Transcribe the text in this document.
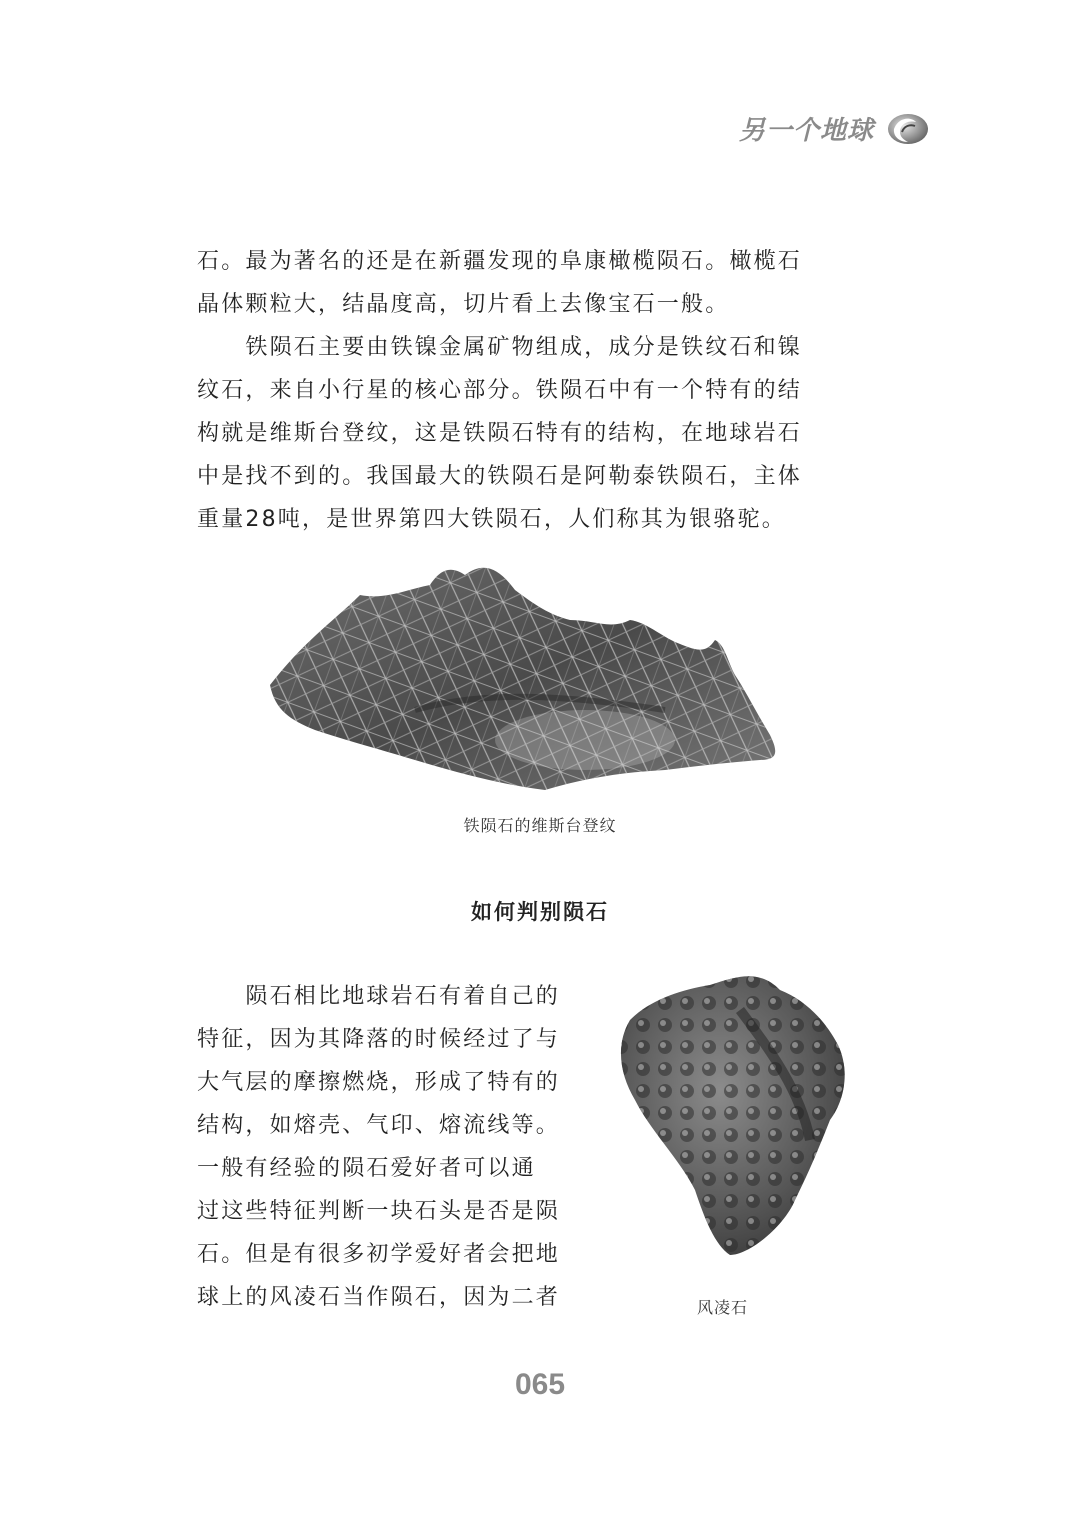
另一个地球
石。最为著名的还是在新疆发现的阜康橄榄陨石。橄榄石
晶体颗粒大，结晶度高，切片看上去像宝石一般。
铁陨石主要由铁镍金属矿物组成，成分是铁纹石和镍
纹石，来自小行星的核心部分。铁陨石中有一个特有的结
构就是维斯台登纹，这是铁陨石特有的结构，在地球岩石
中是找不到的。我国最大的铁陨石是阿勒泰铁陨石，主体
重量28吨，是世界第四大铁陨石，人们称其为银骆驼。
铁陨石的维斯台登纹
如何判别陨石
陨石相比地球岩石有着自己的
特征，因为其降落的时候经过了与
大气层的摩擦燃烧，形成了特有的
结构，如熔壳、气印、熔流线等。
一般有经验的陨石爱好者可以通
过这些特征判断一块石头是否是陨
石。但是有很多初学爱好者会把地
球上的风凌石当作陨石，因为二者	风凌石
065
